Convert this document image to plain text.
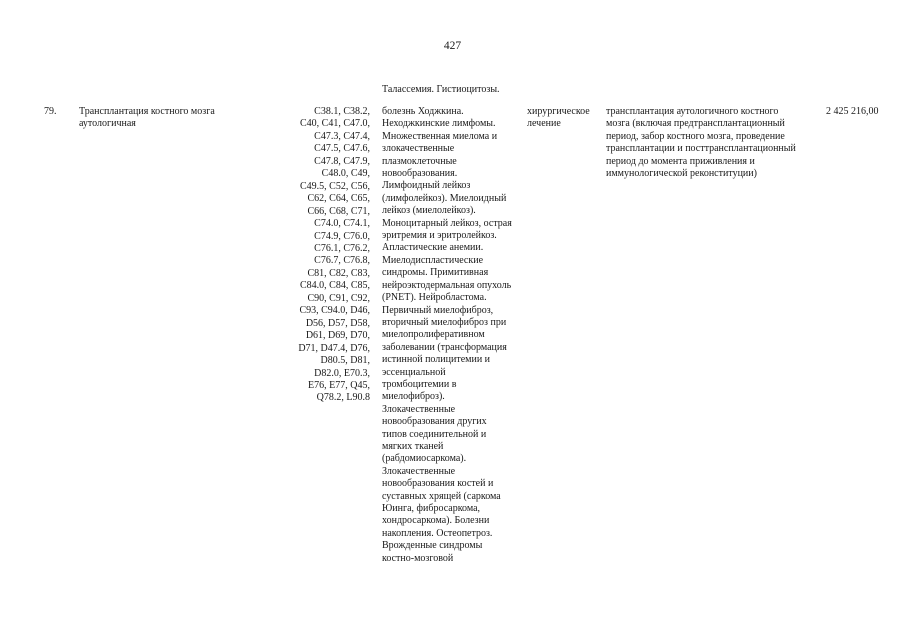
427
Талассемия. Гистиоцитозы.
79. Трансплантация костного мозга
аутологичная
C38.1, C38.2,
C40, C41, C47.0,
C47.3, C47.4,
C47.5, C47.6,
C47.8, C47.9,
C48.0, C49,
C49.5, C52, C56,
C62, C64, C65,
C66, C68, C71,
C74.0, C74.1,
C74.9, C76.0,
C76.1, C76.2,
C76.7, C76.8,
C81, C82, C83,
C84.0, C84, C85,
C90, C91, C92,
C93, C94.0, D46,
D56, D57, D58,
D61, D69, D70,
D71, D47.4, D76,
D80.5, D81,
D82.0, E70.3,
E76, E77, Q45,
Q78.2, L90.8
болезнь Ходжкина.
Неходжкинские лимфомы.
Множественная миелома и
злокачественные
плазмоклеточные
новообразования.
Лимфоидный лейкоз
(лимфолейкоз). Миелоидный
лейкоз (миелолейкоз).
Моноцитарный лейкоз, острая
эритремия и эритролейкоз.
Апластические анемии.
Миелодиспластические
синдромы. Примитивная
нейроэктодермальная опухоль
(PNET). Нейробластома.
Первичный миелофиброз,
вторичный миелофиброз при
миелопролиферативном
заболевании (трансформация
истинной полицитемии и
эссенциальной
тромбоцитемии в
миелофиброз).
Злокачественные
новообразования других
типов соединительной и
мягких тканей
(рабдомиосаркома).
Злокачественные
новообразования костей и
суставных хрящей (саркома
Юинга, фибросаркома,
хондросаркома). Болезни
накопления. Остеопетроз.
Врожденные синдромы
костно-мозговой
хирургическое
лечение
трансплантация аутологичного костного
мозга (включая предтрансплантационный
период, забор костного мозга, проведение
трансплантации и посттрансплантационный
период до момента приживления и
иммунологической реконституции)
2 425 216,00
